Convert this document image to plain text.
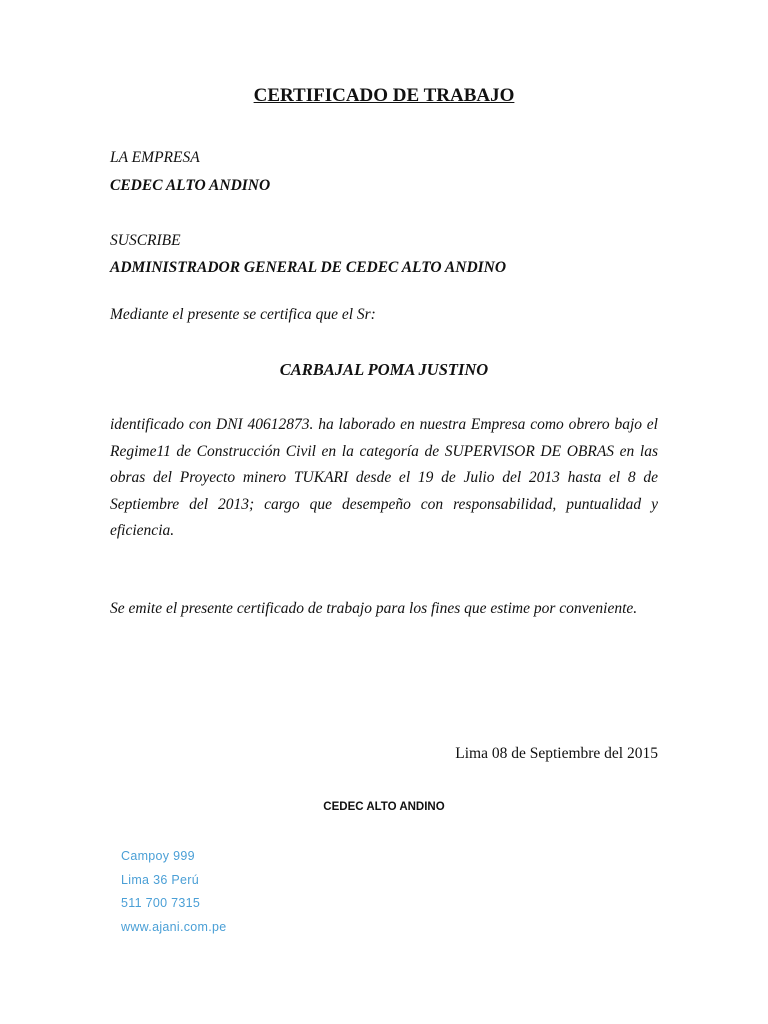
CERTIFICADO DE TRABAJO

LA EMPRESA

CEDEC ALTO ANDINO

SUSCRIBE

ADMINISTRADOR GENERAL DE CEDEC ALTO ANDINO

Mediante el presente se certifica que el Sr:

CARBAJAL POMA JUSTINO

identificado con DNI 40612873. ha laborado en nuestra Empresa como obrero bajo el Regime11 de Construcción Civil en la categoría de SUPERVISOR DE OBRAS en las obras del Proyecto minero TUKARI desde el 19 de Julio del 2013 hasta el 8 de Septiembre del 2013; cargo que desempeño con responsabilidad, puntualidad y eficiencia.

Se emite el presente certificado de trabajo para los fines que estime por conveniente.

Lima 08 de Septiembre del 2015

CEDEC ALTO ANDINO

Campoy 999

Lima 36 Perú

511 700 7315

www.ajani.com.pe
